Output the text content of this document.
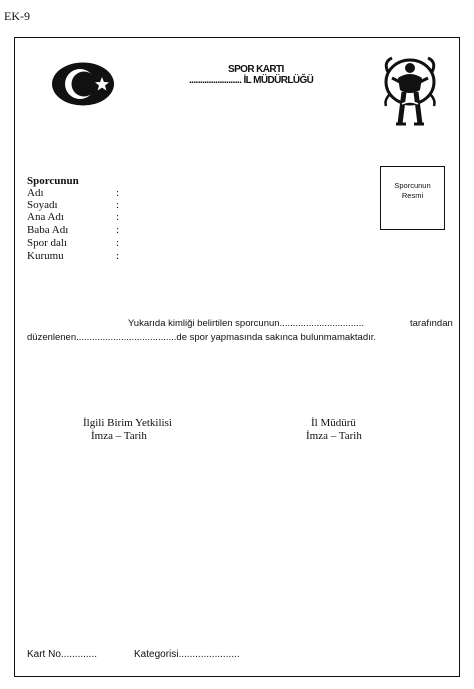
EK-9
SPOR KARTI
........................ İL MÜDÜRLÜĞÜ
Sporcunun
Resmi
Sporcunun
Adı
Soyadı
Ana Adı
Baba Adı
Spor dalı
Kurumu
:
:
:
:
:
:
Yukarıda kimliği belirtilen sporcunun................................	tarafından
düzenlenen......................................de spor yapmasında sakınca bulunmamaktadır.
İlgili Birim Yetkilisi
İmza – Tarih
İl Müdürü
İmza – Tarih
Kart No.............	Kategorisi......................
